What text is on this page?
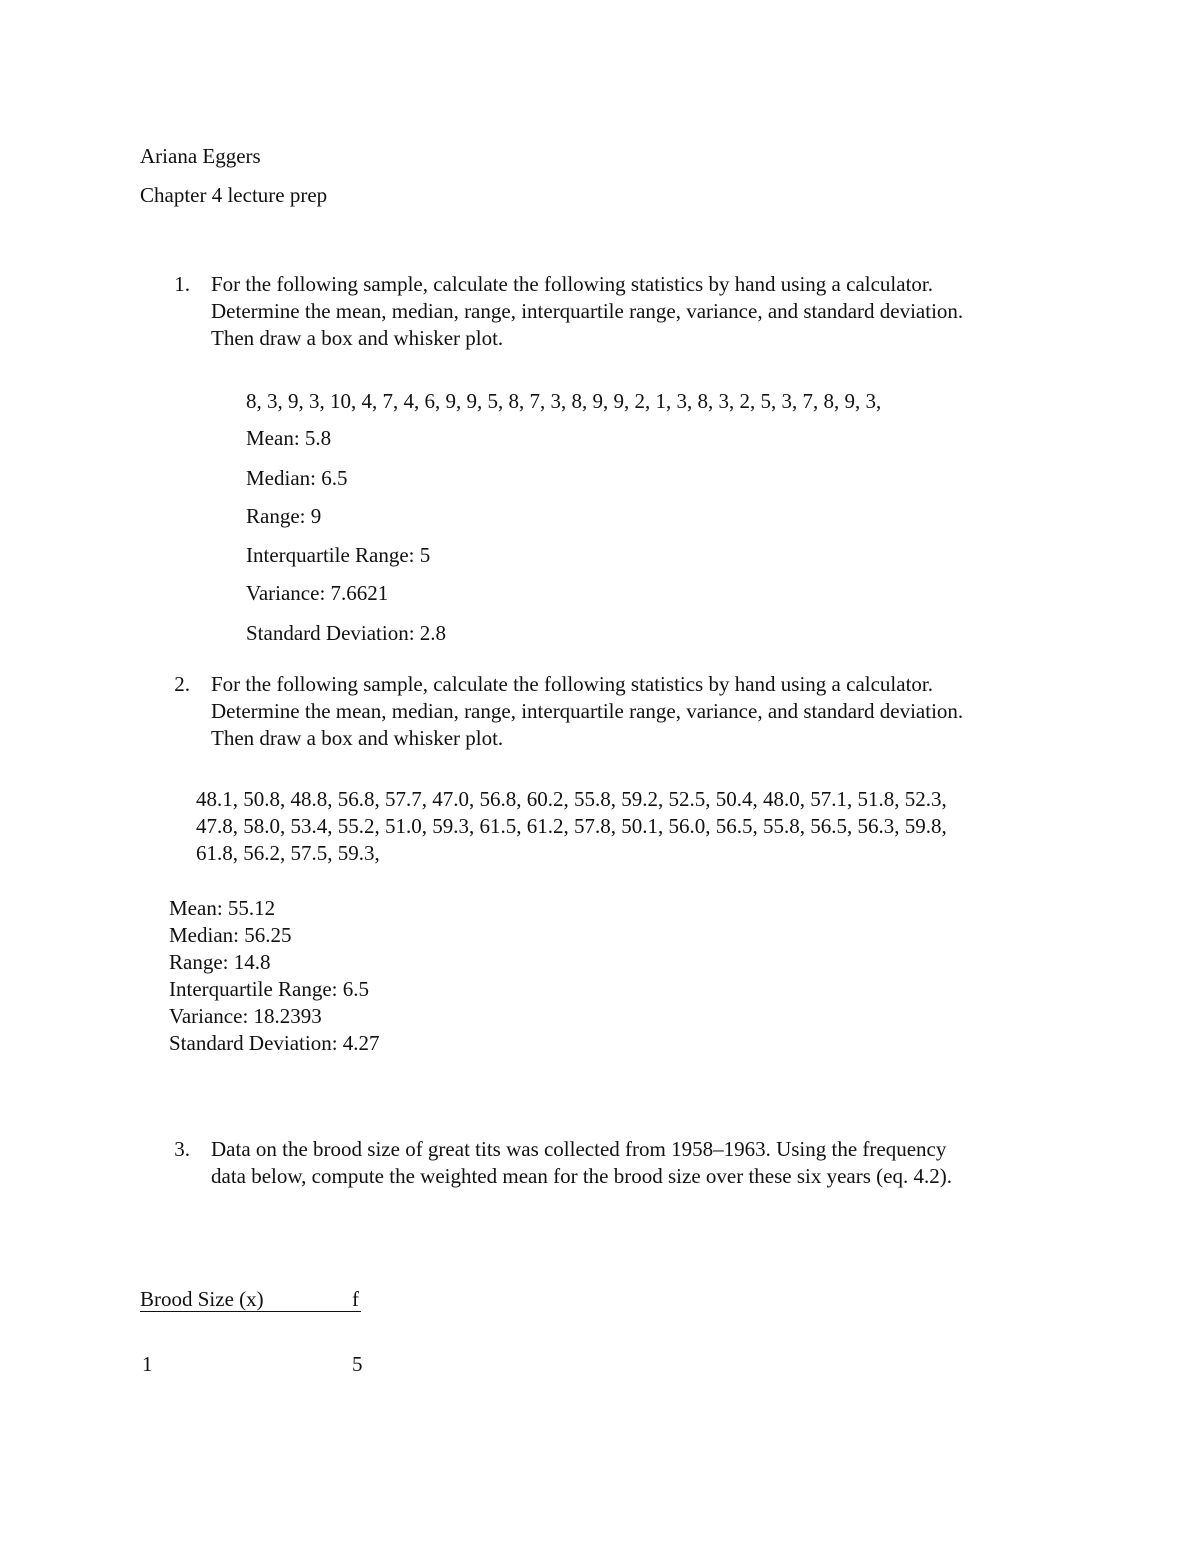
Ariana Eggers
Chapter 4 lecture prep
1. For the following sample, calculate the following statistics by hand using a calculator.
Determine the mean, median, range, interquartile range, variance, and standard deviation.
Then draw a box and whisker plot.
8, 3, 9, 3, 10, 4, 7, 4, 6, 9, 9, 5, 8, 7, 3, 8, 9, 9, 2, 1, 3, 8, 3, 2, 5, 3, 7, 8, 9, 3,
Mean: 5.8
Median: 6.5
Range: 9
Interquartile Range: 5
Variance: 7.6621
Standard Deviation: 2.8
2. For the following sample, calculate the following statistics by hand using a calculator.
Determine the mean, median, range, interquartile range, variance, and standard deviation.
Then draw a box and whisker plot.
48.1, 50.8, 48.8, 56.8, 57.7, 47.0, 56.8, 60.2, 55.8, 59.2, 52.5, 50.4, 48.0, 57.1, 51.8, 52.3,
47.8, 58.0, 53.4, 55.2, 51.0, 59.3, 61.5, 61.2, 57.8, 50.1, 56.0, 56.5, 55.8, 56.5, 56.3, 59.8,
61.8, 56.2, 57.5, 59.3,
Mean: 55.12
Median: 56.25
Range: 14.8
Interquartile Range: 6.5
Variance: 18.2393
Standard Deviation: 4.27
3. Data on the brood size of great tits was collected from 1958–1963. Using the frequency
data below, compute the weighted mean for the brood size over these six years (eq. 4.2).
Brood Size (x)	f
1	5
